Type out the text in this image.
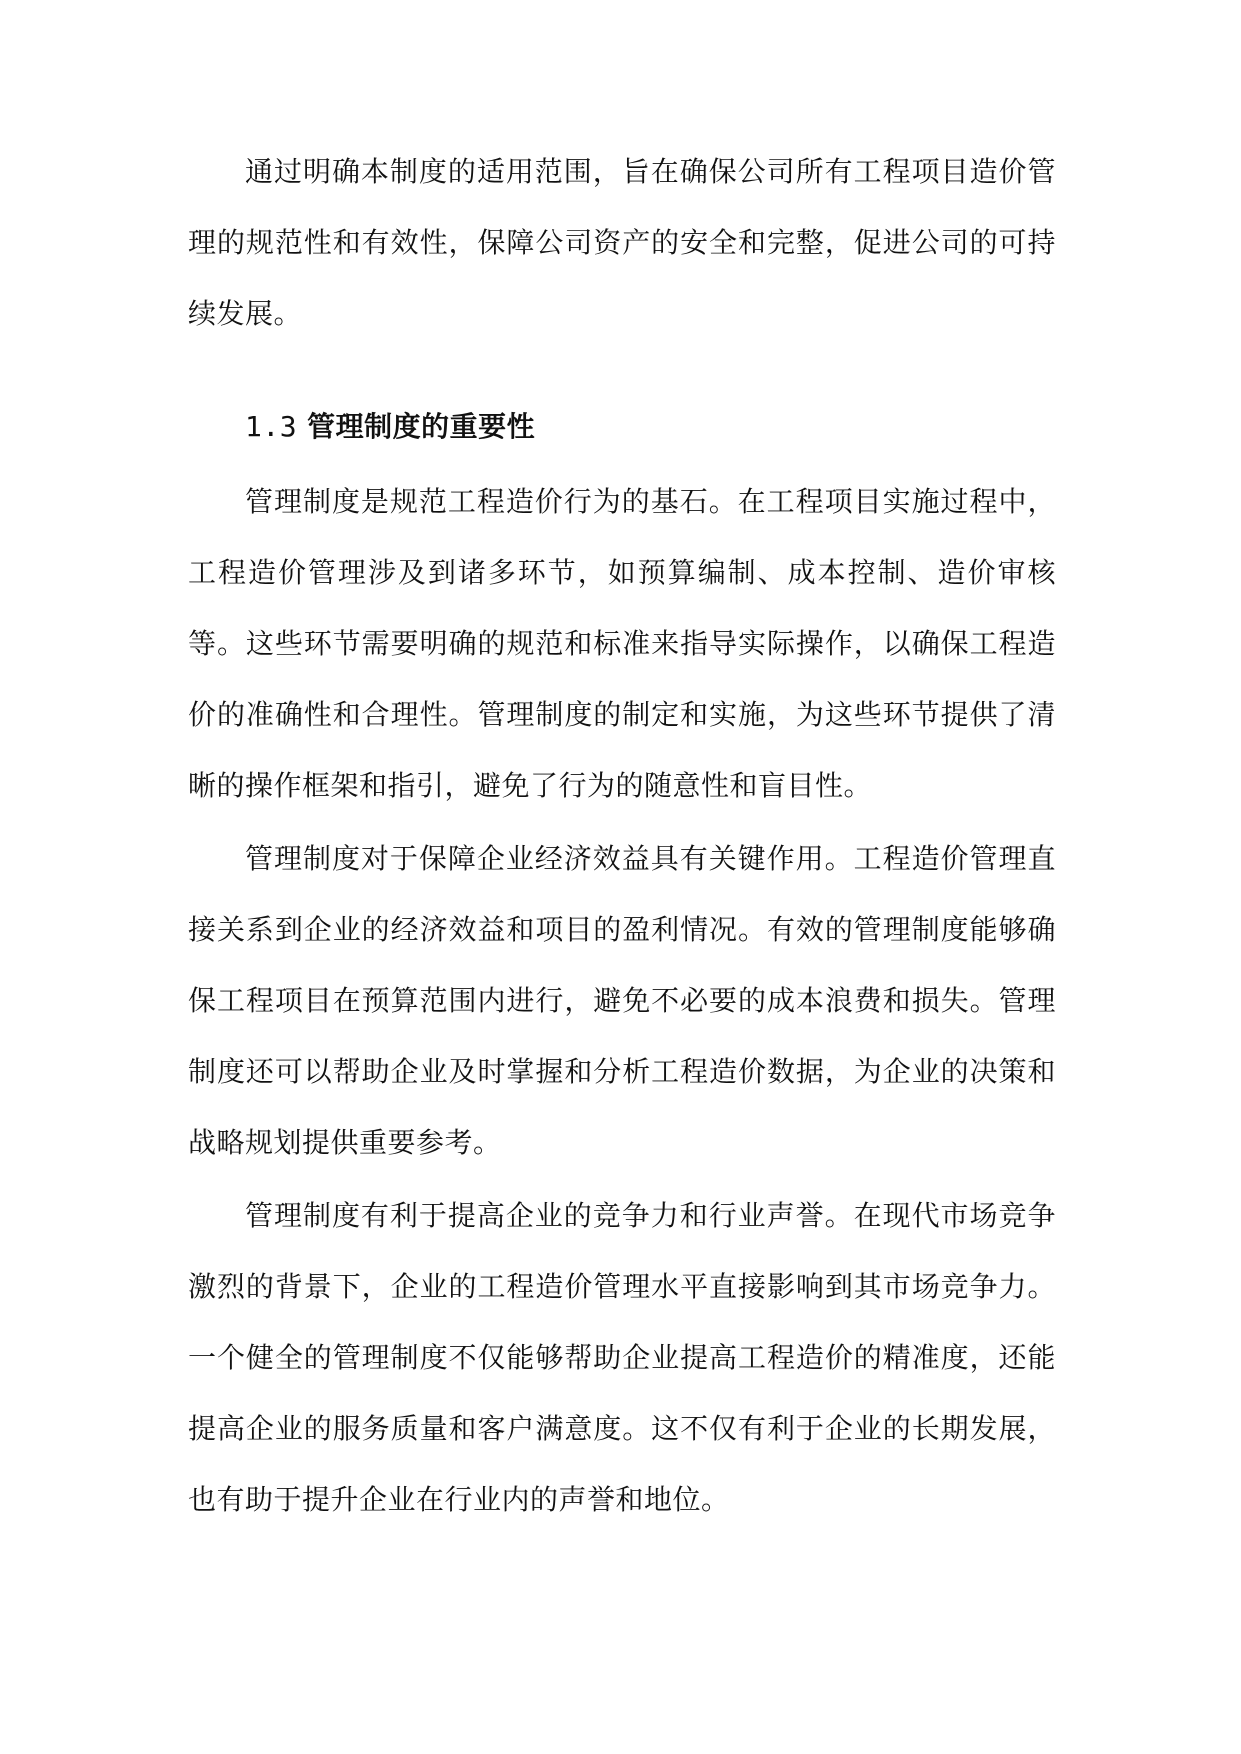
通过明确本制度的适用范围，旨在确保公司所有工程项目造价管理的规范性和有效性，保障公司资产的安全和完整，促进公司的可持续发展。

1.3 管理制度的重要性

管理制度是规范工程造价行为的基石。在工程项目实施过程中，工程造价管理涉及到诸多环节，如预算编制、成本控制、造价审核等。这些环节需要明确的规范和标准来指导实际操作，以确保工程造价的准确性和合理性。管理制度的制定和实施，为这些环节提供了清晰的操作框架和指引，避免了行为的随意性和盲目性。

管理制度对于保障企业经济效益具有关键作用。工程造价管理直接关系到企业的经济效益和项目的盈利情况。有效的管理制度能够确保工程项目在预算范围内进行，避免不必要的成本浪费和损失。管理制度还可以帮助企业及时掌握和分析工程造价数据，为企业的决策和战略规划提供重要参考。

管理制度有利于提高企业的竞争力和行业声誉。在现代市场竞争激烈的背景下，企业的工程造价管理水平直接影响到其市场竞争力。一个健全的管理制度不仅能够帮助企业提高工程造价的精准度，还能提高企业的服务质量和客户满意度。这不仅有利于企业的长期发展，也有助于提升企业在行业内的声誉和地位。
